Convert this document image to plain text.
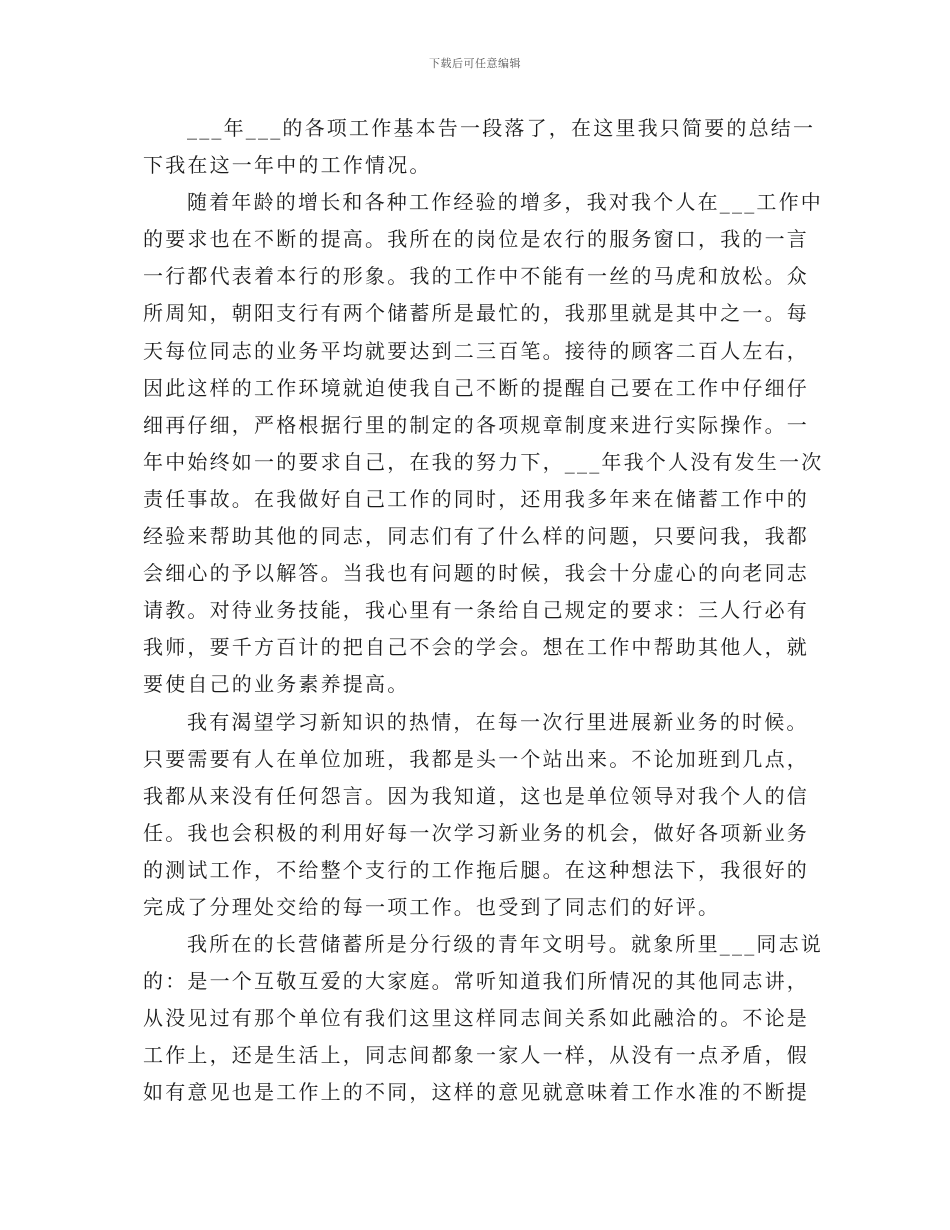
下载后可任意编辑
___年___的各项工作基本告一段落了，在这里我只简要的总结一
下我在这一年中的工作情况。
随着年龄的增长和各种工作经验的增多，我对我个人在___工作中
的要求也在不断的提高。我所在的岗位是农行的服务窗口，我的一言
一行都代表着本行的形象。我的工作中不能有一丝的马虎和放松。众
所周知，朝阳支行有两个储蓄所是最忙的，我那里就是其中之一。每
天每位同志的业务平均就要达到二三百笔。接待的顾客二百人左右，
因此这样的工作环境就迫使我自己不断的提醒自己要在工作中仔细仔
细再仔细，严格根据行里的制定的各项规章制度来进行实际操作。一
年中始终如一的要求自己，在我的努力下，___年我个人没有发生一次
责任事故。在我做好自己工作的同时，还用我多年来在储蓄工作中的
经验来帮助其他的同志，同志们有了什么样的问题，只要问我，我都
会细心的予以解答。当我也有问题的时候，我会十分虚心的向老同志
请教。对待业务技能，我心里有一条给自己规定的要求：三人行必有
我师，要千方百计的把自己不会的学会。想在工作中帮助其他人，就
要使自己的业务素养提高。
我有渴望学习新知识的热情，在每一次行里进展新业务的时候。
只要需要有人在单位加班，我都是头一个站出来。不论加班到几点，
我都从来没有任何怨言。因为我知道，这也是单位领导对我个人的信
任。我也会积极的利用好每一次学习新业务的机会，做好各项新业务
的测试工作，不给整个支行的工作拖后腿。在这种想法下，我很好的
完成了分理处交给的每一项工作。也受到了同志们的好评。
我所在的长营储蓄所是分行级的青年文明号。就象所里___同志说
的：是一个互敬互爱的大家庭。常听知道我们所情况的其他同志讲，
从没见过有那个单位有我们这里这样同志间关系如此融洽的。不论是
工作上，还是生活上，同志间都象一家人一样，从没有一点矛盾，假
如有意见也是工作上的不同，这样的意见就意味着工作水准的不断提
